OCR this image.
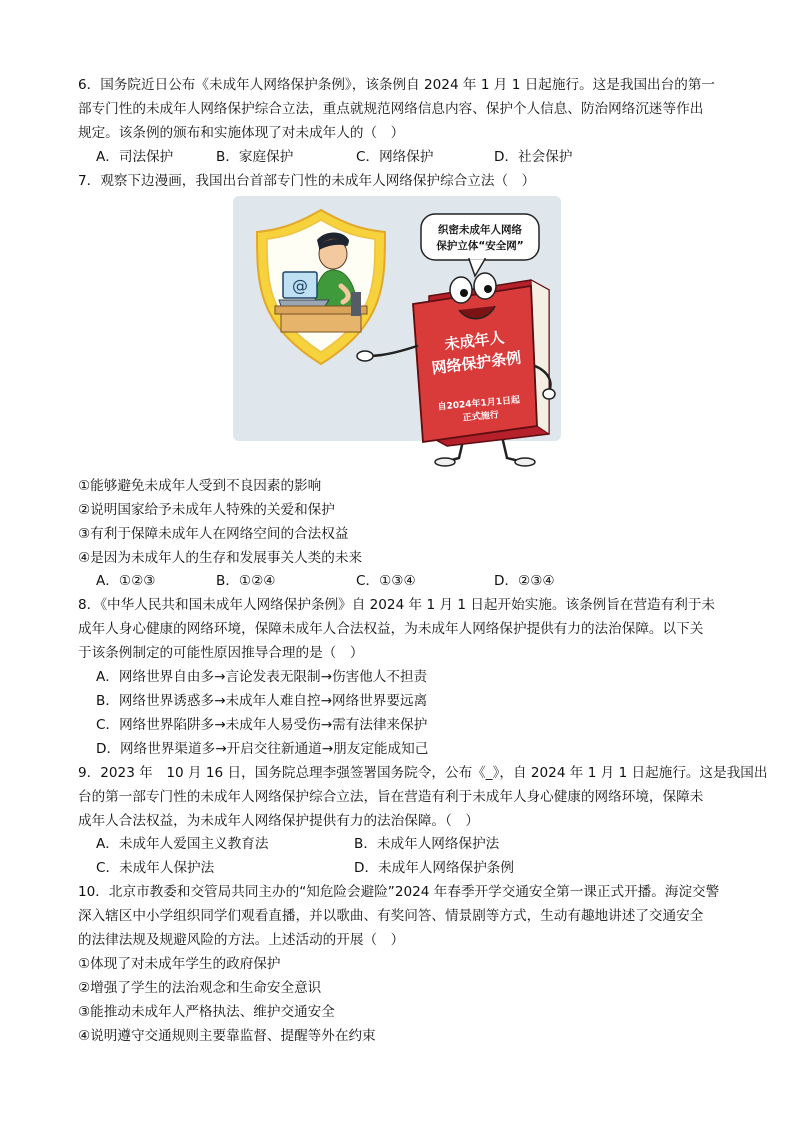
6．国务院近日公布《未成年人网络保护条例》，该条例自 2024 年 1 月 1 日起施行。这是我国出台的第一
部专门性的未成年人网络保护综合立法，重点就规范网络信息内容、保护个人信息、防治网络沉迷等作出
规定。该条例的颁布和实施体现了对未成年人的（　）
A．司法保护	B．家庭保护	C．网络保护	D．社会保护
7．观察下边漫画，我国出台首部专门性的未成年人网络保护综合立法（　）
@
织密未成年人网络
保护立体“安全网”
未成年人
网络保护条例
自2024年1月1日起
正式施行
①能够避免未成年人受到不良因素的影响
②说明国家给予未成年人特殊的关爱和保护
③有利于保障未成年人在网络空间的合法权益
④是因为未成年人的生存和发展事关人类的未来
A．①②③	B．①②④	C．①③④	D．②③④
8．《中华人民共和国未成年人网络保护条例》自 2024 年 1 月 1 日起开始实施。该条例旨在营造有利于未
成年人身心健康的网络环境，保障未成年人合法权益，为未成年人网络保护提供有力的法治保障。以下关
于该条例制定的可能性原因推导合理的是（　）
A．网络世界自由多→言论发表无限制→伤害他人不担责
B．网络世界诱惑多→未成年人难自控→网络世界要远离
C．网络世界陷阱多→未成年人易受伤→需有法律来保护
D．网络世界渠道多→开启交往新通道→朋友定能成知己
9．2023 年　10 月 16 日，国务院总理李强签署国务院令，公布《_》，自 2024 年 1 月 1 日起施行。这是我国出
台的第一部专门性的未成年人网络保护综合立法，旨在营造有利于未成年人身心健康的网络环境，保障未
成年人合法权益，为未成年人网络保护提供有力的法治保障。（　）
A．未成年人爱国主义教育法	B．未成年人网络保护法
C．未成年人保护法	D．未成年人网络保护条例
10．北京市教委和交管局共同主办的“知危险会避险”2024 年春季开学交通安全第一课正式开播。海淀交警
深入辖区中小学组织同学们观看直播，并以歌曲、有奖问答、情景剧等方式，生动有趣地讲述了交通安全
的法律法规及规避风险的方法。上述活动的开展（　）
①体现了对未成年学生的政府保护
②增强了学生的法治观念和生命安全意识
③能推动未成年人严格执法、维护交通安全
④说明遵守交通规则主要靠监督、提醒等外在约束
